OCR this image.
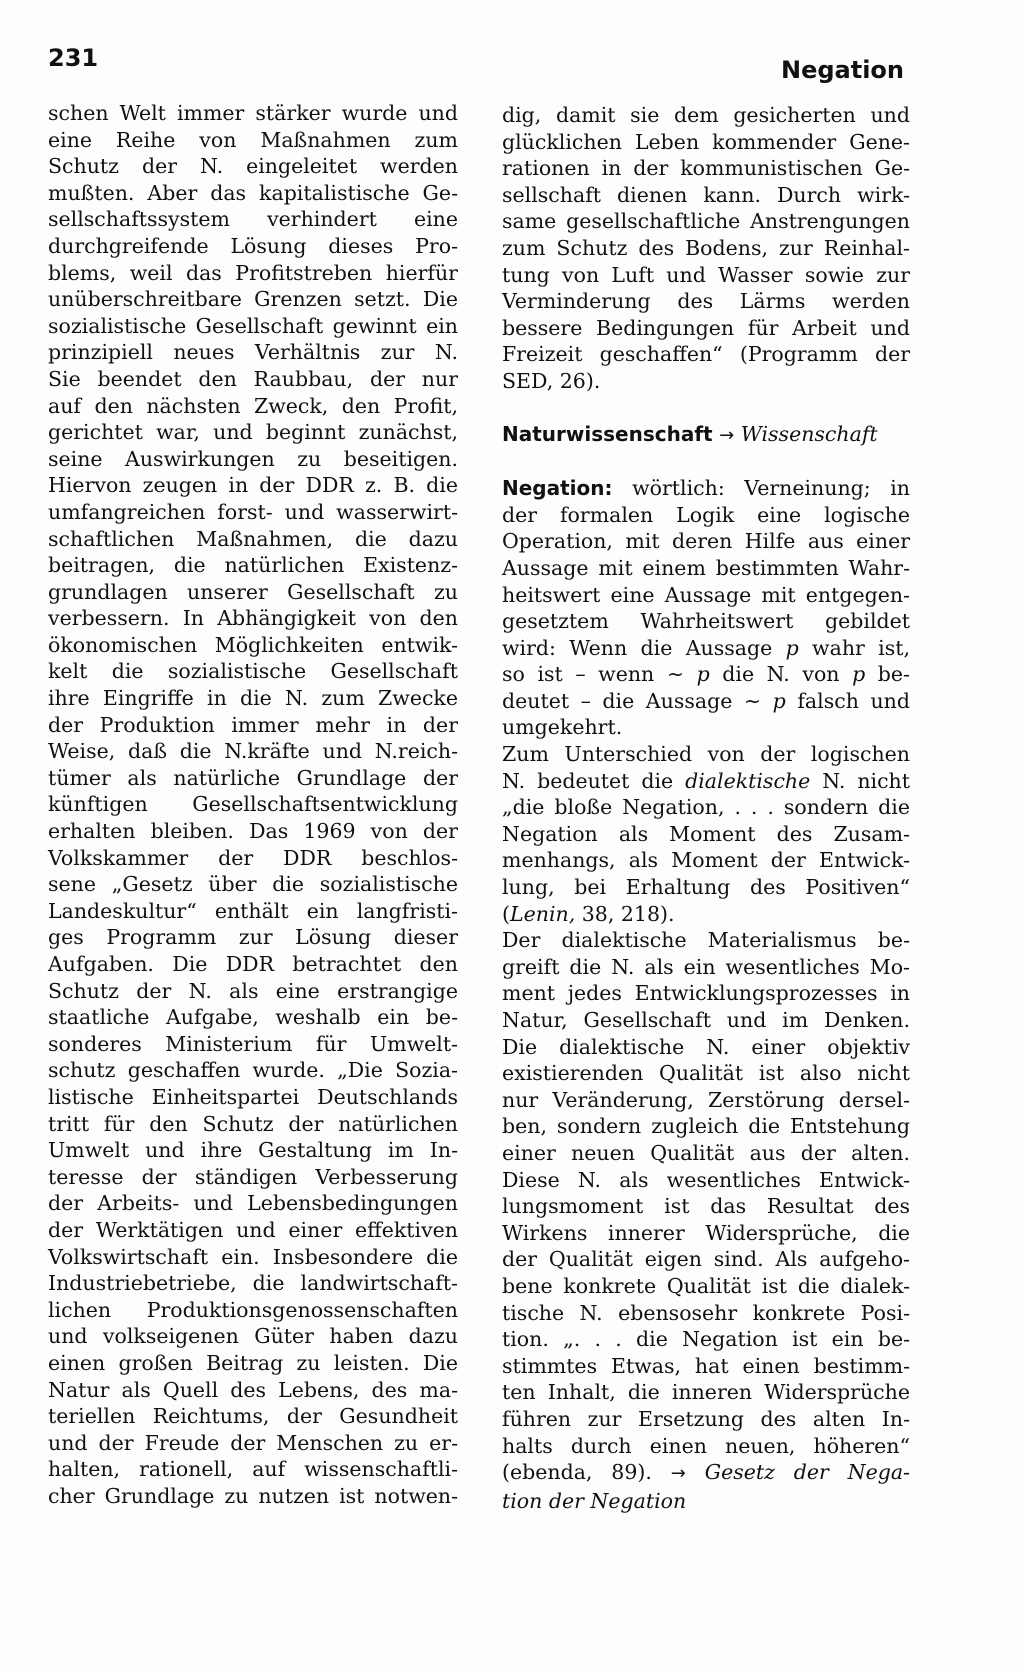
231	Negation
schen Welt immer stärker wurde und
eine Reihe von Maßnahmen zum
Schutz der N. eingeleitet werden
mußten. Aber das kapitalistische Ge-
sellschaftssystem verhindert eine
durchgreifende Lösung dieses Pro-
blems, weil das Profitstreben hierfür
unüberschreitbare Grenzen setzt. Die
sozialistische Gesellschaft gewinnt ein
prinzipiell neues Verhältnis zur N.
Sie beendet den Raubbau, der nur
auf den nächsten Zweck, den Profit,
gerichtet war, und beginnt zunächst,
seine Auswirkungen zu beseitigen.
Hiervon zeugen in der DDR z. B. die
umfangreichen forst- und wasserwirt-
schaftlichen Maßnahmen, die dazu
beitragen, die natürlichen Existenz-
grundlagen unserer Gesellschaft zu
verbessern. In Abhängigkeit von den
ökonomischen Möglichkeiten entwik-
kelt die sozialistische Gesellschaft
ihre Eingriffe in die N. zum Zwecke
der Produktion immer mehr in der
Weise, daß die N.kräfte und N.reich-
tümer als natürliche Grundlage der
künftigen Gesellschaftsentwicklung
erhalten bleiben. Das 1969 von der
Volkskammer der DDR beschlos-
sene „Gesetz über die sozialistische
Landeskultur“ enthält ein langfristi-
ges Programm zur Lösung dieser
Aufgaben. Die DDR betrachtet den
Schutz der N. als eine erstrangige
staatliche Aufgabe, weshalb ein be-
sonderes Ministerium für Umwelt-
schutz geschaffen wurde. „Die Sozia-
listische Einheitspartei Deutschlands
tritt für den Schutz der natürlichen
Umwelt und ihre Gestaltung im In-
teresse der ständigen Verbesserung
der Arbeits- und Lebensbedingungen
der Werktätigen und einer effektiven
Volkswirtschaft ein. Insbesondere die
Industriebetriebe, die landwirtschaft-
lichen Produktionsgenossenschaften
und volkseigenen Güter haben dazu
einen großen Beitrag zu leisten. Die
Natur als Quell des Lebens, des ma-
teriellen Reichtums, der Gesundheit
und der Freude der Menschen zu er-
halten, rationell, auf wissenschaftli-
cher Grundlage zu nutzen ist notwen-
dig, damit sie dem gesicherten und
glücklichen Leben kommender Gene-
rationen in der kommunistischen Ge-
sellschaft dienen kann. Durch wirk-
same gesellschaftliche Anstrengungen
zum Schutz des Bodens, zur Reinhal-
tung von Luft und Wasser sowie zur
Verminderung des Lärms werden
bessere Bedingungen für Arbeit und
Freizeit geschaffen“ (Programm der
SED, 26).
Naturwissenschaft → Wissenschaft
Negation: wörtlich: Verneinung; in
der formalen Logik eine logische
Operation, mit deren Hilfe aus einer
Aussage mit einem bestimmten Wahr-
heitswert eine Aussage mit entgegen-
gesetztem Wahrheitswert gebildet
wird: Wenn die Aussage p wahr ist,
so ist – wenn ∼ p die N. von p be-
deutet – die Aussage ∼ p falsch und
umgekehrt.
Zum Unterschied von der logischen
N. bedeutet die dialektische N. nicht
„die bloße Negation, . . . sondern die
Negation als Moment des Zusam-
menhangs, als Moment der Entwick-
lung, bei Erhaltung des Positiven“
(Lenin, 38, 218).
Der dialektische Materialismus be-
greift die N. als ein wesentliches Mo-
ment jedes Entwicklungsprozesses in
Natur, Gesellschaft und im Denken.
Die dialektische N. einer objektiv
existierenden Qualität ist also nicht
nur Veränderung, Zerstörung dersel-
ben, sondern zugleich die Entstehung
einer neuen Qualität aus der alten.
Diese N. als wesentliches Entwick-
lungsmoment ist das Resultat des
Wirkens innerer Widersprüche, die
der Qualität eigen sind. Als aufgeho-
bene konkrete Qualität ist die dialek-
tische N. ebensosehr konkrete Posi-
tion. „. . . die Negation ist ein be-
stimmtes Etwas, hat einen bestimm-
ten Inhalt, die inneren Widersprüche
führen zur Ersetzung des alten In-
halts durch einen neuen, höheren“
(ebenda, 89). → Gesetz der Nega-
tion der Negation
